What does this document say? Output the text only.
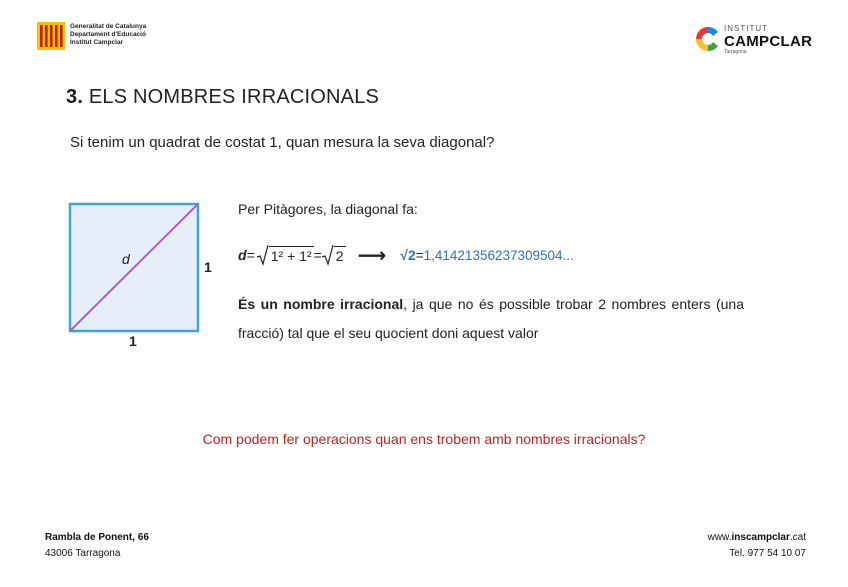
Generalitat de Catalunya
Departament d'Educació
Institut Campclar
INSTITUT
CAMPCLAR
Tarragona
3. ELS NOMBRES IRRACIONALS
Si tenim un quadrat de costat 1, quan mesura la seva diagonal?
d	1
1
Per Pitàgores, la diagonal fa:
d = 1² + 1² = 2 ⟶ √2 = 1,41421356237309504...
És un nombre irracional, ja que no és possible trobar 2 nombres enters (una fracció) tal que el seu quocient doni aquest valor
Com podem fer operacions quan ens trobem amb nombres irracionals?
Rambla de Ponent, 66
43006 Tarragona
www.inscampclar.cat
Tel. 977 54 10 07
